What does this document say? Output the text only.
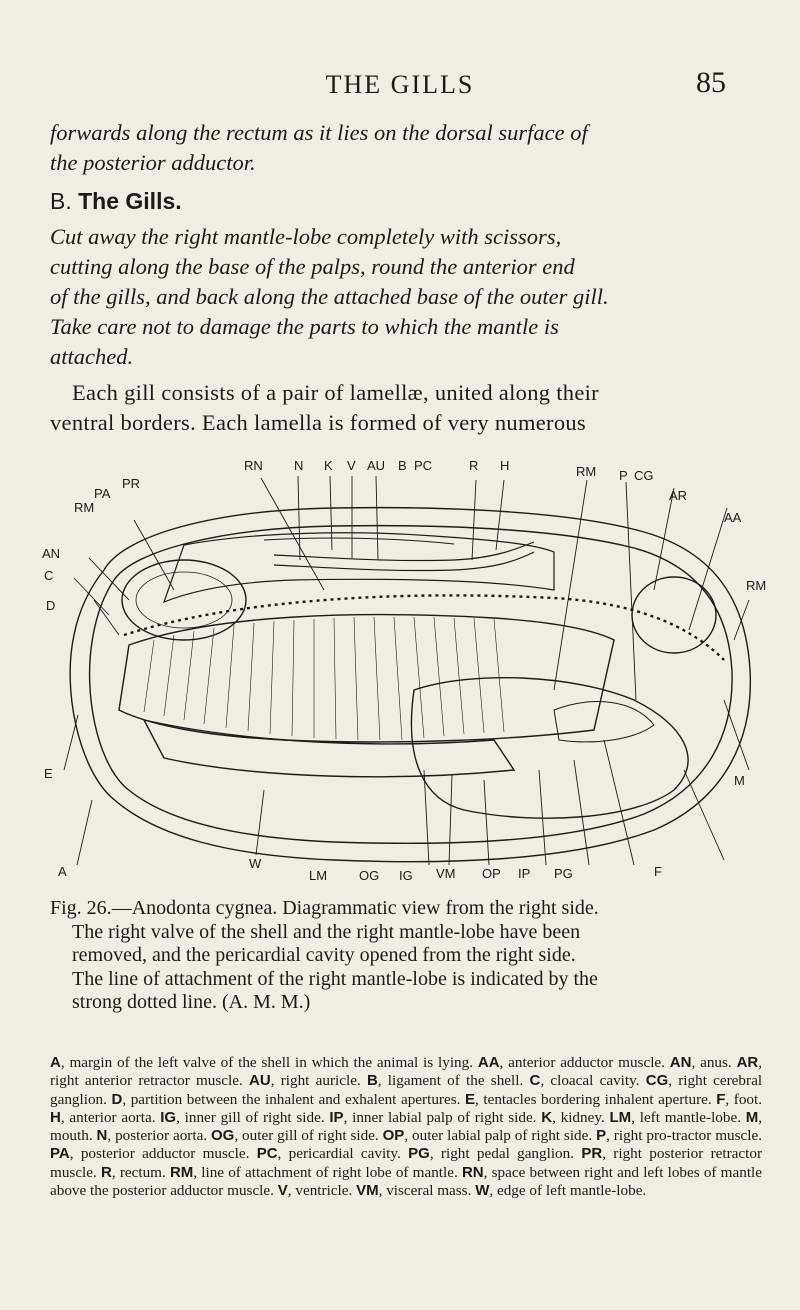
THE GILLS	85
forwards along the rectum as it lies on the dorsal surface of
the posterior adductor.
B. The Gills.
Cut away the right mantle-lobe completely with scissors,
cutting along the base of the palps, round the anterior end
of the gills, and back along the attached base of the outer gill.
Take care not to damage the parts to which the mantle is
attached.
Each gill consists of a pair of lamellæ, united along their
ventral borders. Each lamella is formed of very numerous
RN N K V AU B PC	R H	RM P CG
AR
AA
PR
PA
RM
AN
C
D
RM
E
A
W
LM OG IG VM OP IP PG	F
M
Fig. 26.—Anodonta cygnea. Diagrammatic view from the right side.
The right valve of the shell and the right mantle-lobe have been
removed, and the pericardial cavity opened from the right side.
The line of attachment of the right mantle-lobe is indicated by the
strong dotted line. (A. M. M.)
A, margin of the left valve of the shell in which the animal is lying. AA, anterior adductor muscle. AN, anus. AR, right anterior retractor muscle. AU, right auricle. B, ligament of the shell. C, cloacal cavity. CG, right cerebral ganglion. D, partition between the inhalent and exhalent apertures. E, tentacles bordering inhalent aperture. F, foot. H, anterior aorta. IG, inner gill of right side. IP, inner labial palp of right side. K, kidney. LM, left mantle-lobe. M, mouth. N, posterior aorta. OG, outer gill of right side. OP, outer labial palp of right side. P, right pro-tractor muscle. PA, posterior adductor muscle. PC, pericardial cavity. PG, right pedal ganglion. PR, right posterior retractor muscle. R, rectum. RM, line of attachment of right lobe of mantle. RN, space between right and left lobes of mantle above the posterior adductor muscle. V, ventricle. VM, visceral mass. W, edge of left mantle-lobe.
